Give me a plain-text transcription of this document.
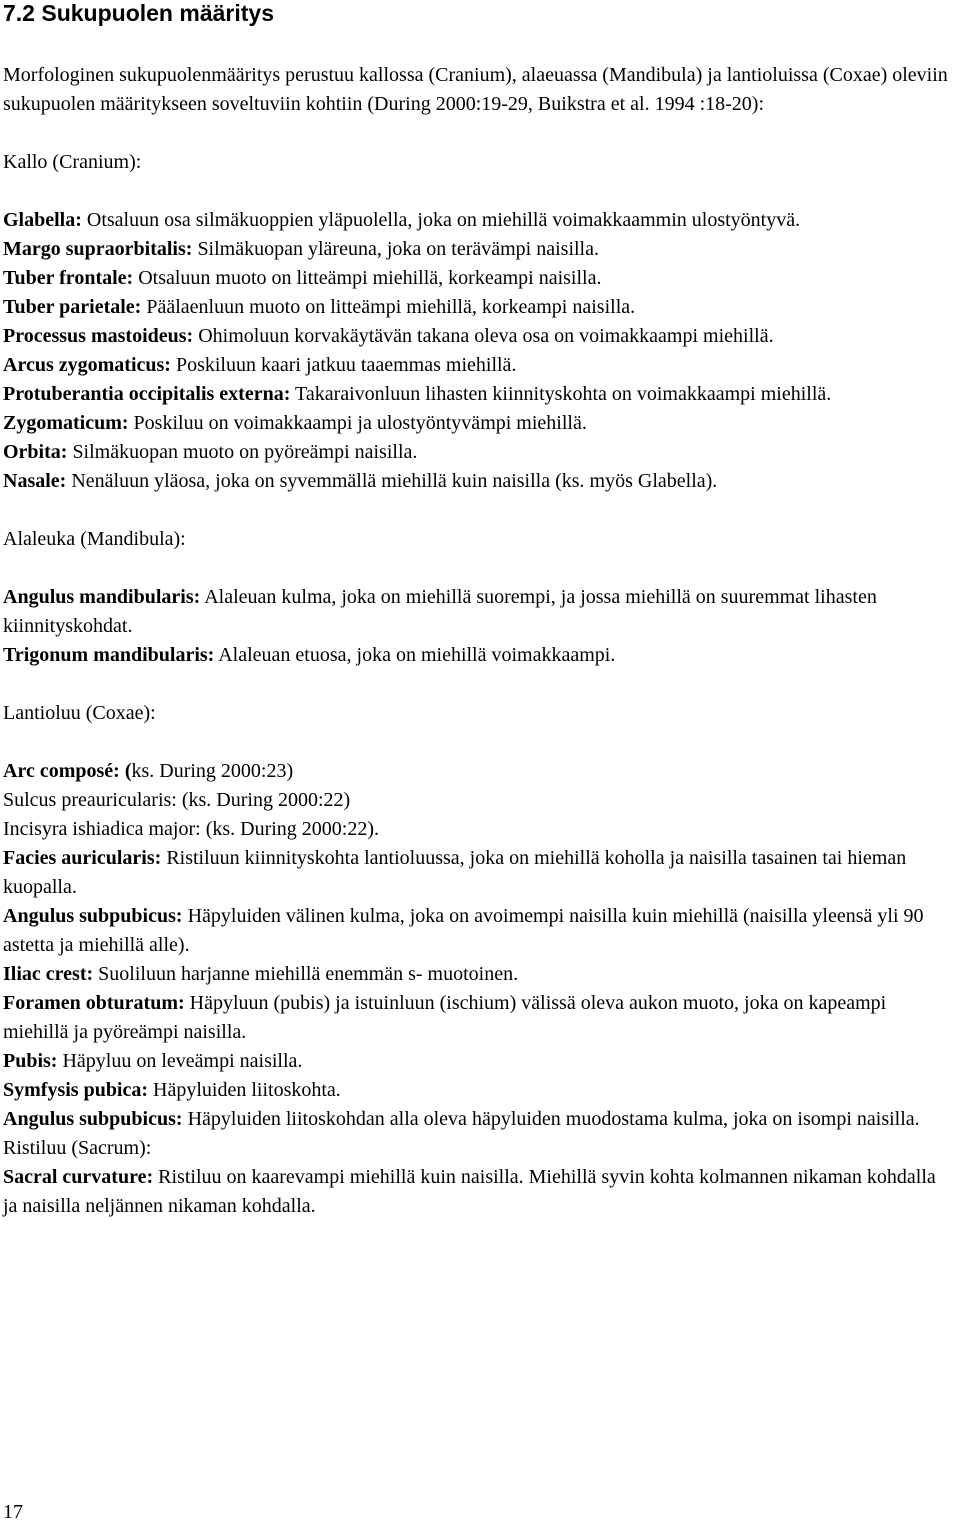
7.2 Sukupuolen määritys

Morfologinen sukupuolenmääritys perustuu kallossa (Cranium), alaeuassa (Mandibula) ja lantioluissa (Coxae) oleviin sukupuolen määritykseen soveltuviin kohtiin (During 2000:19-29, Buikstra et al. 1994 :18-20):

Kallo (Cranium):

Glabella: Otsaluun osa silmäkuoppien yläpuolella, joka on miehillä voimakkaammin ulostyöntyvä.

Margo supraorbitalis: Silmäkuopan yläreuna, joka on terävämpi naisilla.

Tuber frontale: Otsaluun muoto on litteämpi miehillä, korkeampi naisilla.

Tuber parietale: Päälaenluun muoto on litteämpi miehillä, korkeampi naisilla.

Processus mastoideus: Ohimoluun korvakäytävän takana oleva osa on voimakkaampi miehillä.

Arcus zygomaticus: Poskiluun kaari jatkuu taaemmas miehillä.

Protuberantia occipitalis externa: Takaraivonluun lihasten kiinnityskohta on voimakkaampi miehillä.

Zygomaticum: Poskiluu on voimakkaampi ja ulostyöntyvämpi miehillä.

Orbita: Silmäkuopan muoto on pyöreämpi naisilla.

Nasale: Nenäluun yläosa, joka on syvemmällä miehillä kuin naisilla (ks. myös Glabella).

Alaleuka (Mandibula):

Angulus mandibularis: Alaleuan kulma, joka on miehillä suorempi, ja jossa miehillä on suuremmat lihasten kiinnityskohdat.

Trigonum mandibularis: Alaleuan etuosa, joka on miehillä voimakkaampi.

Lantioluu (Coxae):

Arc composé: (ks. During 2000:23)

Sulcus preauricularis: (ks. During 2000:22)

Incisyra ishiadica major: (ks. During 2000:22).

Facies auricularis: Ristiluun kiinnityskohta lantioluussa, joka on miehillä koholla ja naisilla tasainen tai hieman kuopalla.

Angulus subpubicus: Häpyluiden välinen kulma, joka on avoimempi naisilla kuin miehillä (naisilla yleensä yli 90 astetta ja miehillä alle).

Iliac crest: Suoliluun harjanne miehillä enemmän s- muotoinen.

Foramen obturatum: Häpyluun (pubis) ja istuinluun (ischium) välissä oleva aukon muoto, joka on kapeampi miehillä ja pyöreämpi naisilla.

Pubis: Häpyluu on leveämpi naisilla.

Symfysis pubica: Häpyluiden liitoskohta.

Angulus subpubicus: Häpyluiden liitoskohdan alla oleva häpyluiden muodostama kulma, joka on isompi naisilla.

Ristiluu (Sacrum):

Sacral curvature: Ristiluu on kaarevampi miehillä kuin naisilla. Miehillä syvin kohta kolmannen nikaman kohdalla ja naisilla neljännen nikaman kohdalla.

17
